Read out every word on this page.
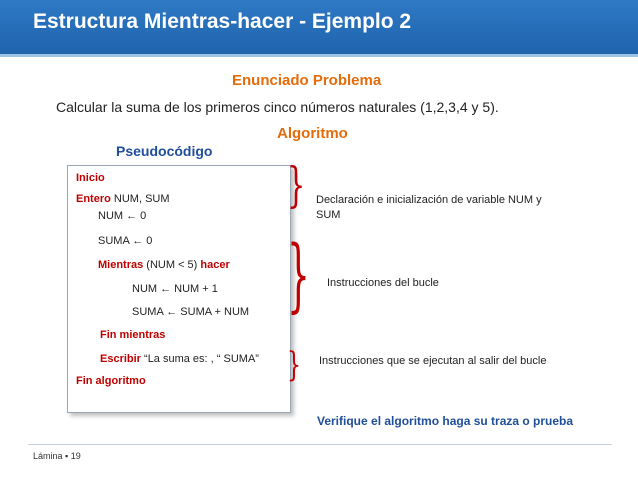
Estructura Mientras-hacer - Ejemplo 2
Enunciado Problema
Calcular la suma de los primeros cinco números naturales (1,2,3,4 y 5).
Algoritmo
Pseudocódigo
Inicio
Entero NUM, SUM
NUM ← 0
SUMA ← 0
Mientras (NUM < 5) hacer
NUM ← NUM + 1
SUMA ← SUMA + NUM
Fin mientras
Escribir “La suma es: , “ SUMA”
Fin algoritmo
}
}
}
Declaración e inicialización de variable NUM y SUM
Instrucciones del bucle
Instrucciones que se ejecutan al salir del bucle
Verifique el algoritmo haga su traza o prueba
Lámina ▪ 19
